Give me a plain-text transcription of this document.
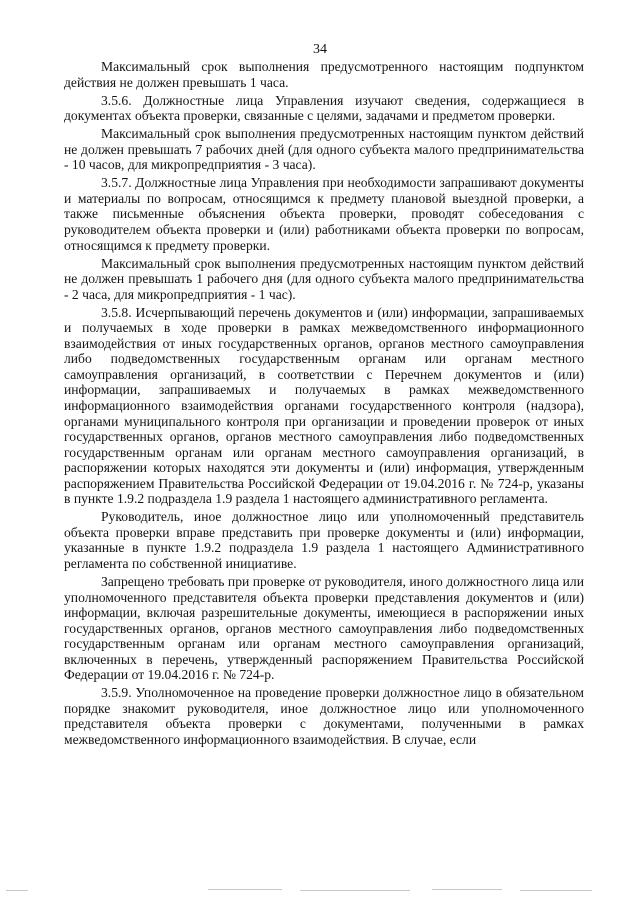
34

Максимальный срок выполнения предусмотренного настоящим подпунктом действия не должен превышать 1 часа.

3.5.6. Должностные лица Управления изучают сведения, содержащиеся в документах объекта проверки, связанные с целями, задачами и предметом проверки.

Максимальный срок выполнения предусмотренных настоящим пунктом действий не должен превышать 7 рабочих дней (для одного субъекта малого предпринимательства - 10 часов, для микропредприятия - 3 часа).

3.5.7. Должностные лица Управления при необходимости запрашивают документы и материалы по вопросам, относящимся к предмету плановой выездной проверки, а также письменные объяснения объекта проверки, проводят собеседования с руководителем объекта проверки и (или) работниками объекта проверки по вопросам, относящимся к предмету проверки.

Максимальный срок выполнения предусмотренных настоящим пунктом действий не должен превышать 1 рабочего дня (для одного субъекта малого предпринимательства - 2 часа, для микропредприятия - 1 час).

3.5.8. Исчерпывающий перечень документов и (или) информации, запрашиваемых и получаемых в ходе проверки в рамках межведомственного информационного взаимодействия от иных государственных органов, органов местного самоуправления либо подведомственных государственным органам или органам местного самоуправления организаций, в соответствии с Перечнем документов и (или) информации, запрашиваемых и получаемых в рамках межведомственного информационного взаимодействия органами государственного контроля (надзора), органами муниципального контроля при организации и проведении проверок от иных государственных органов, органов местного самоуправления либо подведомственных государственным органам или органам местного самоуправления организаций, в распоряжении которых находятся эти документы и (или) информация, утвержденным распоряжением Правительства Российской Федерации от 19.04.2016 г. № 724-р, указаны в пункте 1.9.2 подраздела 1.9 раздела 1 настоящего административного регламента.

Руководитель, иное должностное лицо или уполномоченный представитель объекта проверки вправе представить при проверке документы и (или) информации, указанные в пункте 1.9.2 подраздела 1.9 раздела 1 настоящего Административного регламента по собственной инициативе.

Запрещено требовать при проверке от руководителя, иного должностного лица или уполномоченного представителя объекта проверки представления документов и (или) информации, включая разрешительные документы, имеющиеся в распоряжении иных государственных органов, органов местного самоуправления либо подведомственных государственным органам или органам местного самоуправления организаций, включенных в перечень, утвержденный распоряжением Правительства Российской Федерации от 19.04.2016 г. № 724-р.

3.5.9. Уполномоченное на проведение проверки должностное лицо в обязательном порядке знакомит руководителя, иное должностное лицо или уполномоченного представителя объекта проверки с документами, полученными в рамках межведомственного информационного взаимодействия. В случае, если
